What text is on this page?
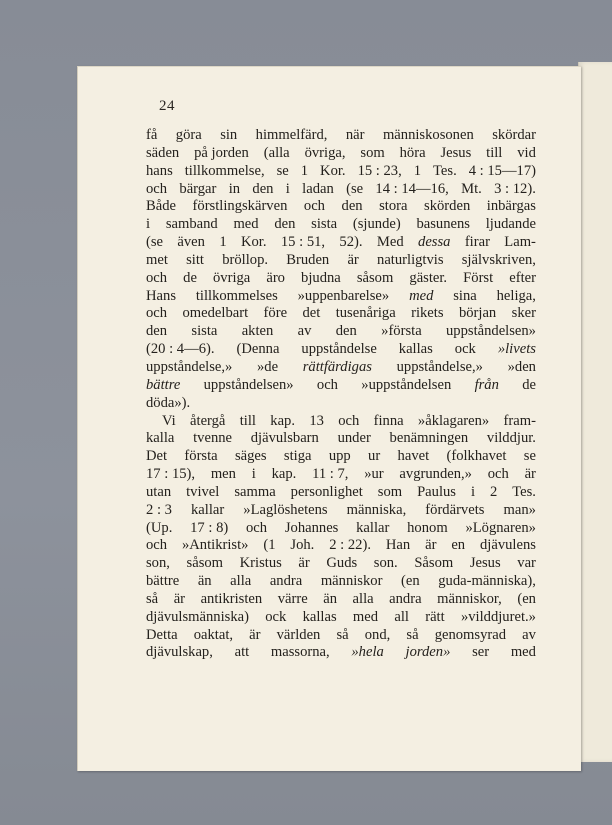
24
få göra sin himmelfärd, när människosonen skördar
säden på jorden (alla övriga, som höra Jesus till vid
hans tillkommelse, se 1 Kor. 15 : 23, 1 Tes. 4 : 15—17)
och bärgar in den i ladan (se 14 : 14—16, Mt. 3 : 12).
Både förstlingskärven och den stora skörden inbärgas
i samband med den sista (sjunde) basunens ljudande
(se även 1 Kor. 15 : 51, 52). Med dessa firar Lam-
met sitt bröllop. Bruden är naturligtvis självskriven,
och de övriga äro bjudna såsom gäster. Först efter
Hans tillkommelses »uppenbarelse» med sina heliga,
och omedelbart före det tusenåriga rikets början sker
den sista akten av den »första uppståndelsen»
(20 : 4—6). (Denna uppståndelse kallas ock »livets
uppståndelse,» »de rättfärdigas uppståndelse,» »den
bättre uppståndelsen» och »uppståndelsen från de
döda»).
Vi återgå till kap. 13 och finna »åklagaren» fram-
kalla tvenne djävulsbarn under benämningen vilddjur.
Det första säges stiga upp ur havet (folkhavet se
17 : 15), men i kap. 11 : 7, »ur avgrunden,» och är
utan tvivel samma personlighet som Paulus i 2 Tes.
2 : 3 kallar »Laglöshetens människa, fördärvets man»
(Up. 17 : 8) och Johannes kallar honom »Lögnaren»
och »Antikrist» (1 Joh. 2 : 22). Han är en djävulens
son, såsom Kristus är Guds son. Såsom Jesus var
bättre än alla andra människor (en guda-människa),
så är antikristen värre än alla andra människor, (en
djävulsmänniska) ock kallas med all rätt »vilddjuret.»
Detta oaktat, är världen så ond, så genomsyrad av
djävulskap, att massorna, »hela jorden» ser med
